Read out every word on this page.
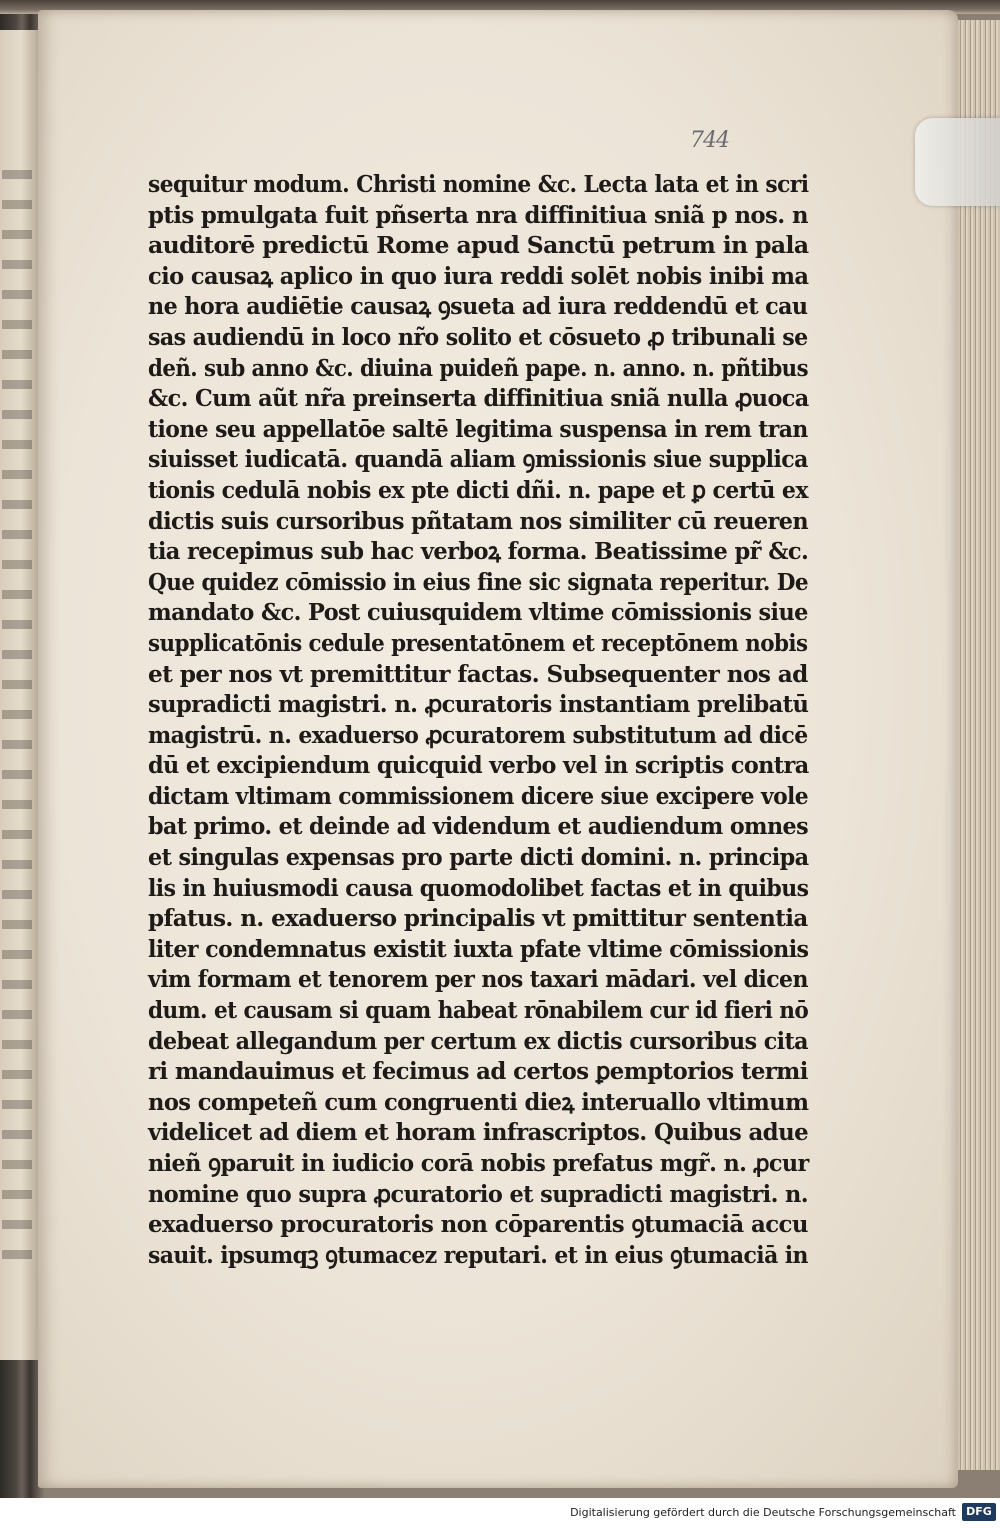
sequitur modum. Christi nomine &c. Lecta lata et in scri
ptis pmulgata fuit pñserta nra diffinitiua sniã p nos. n
auditorē predictū Rome apud Sanctū petrum in pala
cio causaꝝ aplico in quo iura reddi solēt nobis inibi ma
ne hora audiētie causaꝝ ꝯsueta ad iura reddendū et cau
sas audiendū in loco nr̃o solito et cōsueto ꝓ tribunali se
deñ. sub anno &c. diuina puideñ pape. n. anno. n. pñtibus
&c. Cum aũt nr̃a preinserta diffinitiua sniã nulla ꝓuoca
tione seu appellatōe saltē legitima suspensa in rem tran
siuisset iudicatā. quandā aliam ꝯmissionis siue supplica
tionis cedulā nobis ex pte dicti dñi. n. pape et ꝑ certū ex
dictis suis cursoribus pñtatam nos similiter cū reueren
tia recepimus sub hac verboꝝ forma. Beatissime pr̃ &c.
Que quidez cōmissio in eius fine sic signata reperitur. De
mandato &c. Post cuiusquidem vltime cōmissionis siue
supplicatōnis cedule presentatōnem et receptōnem nobis
et per nos vt premittitur factas. Subsequenter nos ad
supradicti magistri. n. ꝓcuratoris instantiam prelibatū
magistrū. n. exaduerso ꝓcuratorem substitutum ad dicē
dū et excipiendum quicquid verbo vel in scriptis contra
dictam vltimam commissionem dicere siue excipere vole
bat primo. et deinde ad videndum et audiendum omnes
et singulas expensas pro parte dicti domini. n. principa
lis in huiusmodi causa quomodolibet factas et in quibus
pfatus. n. exaduerso principalis vt pmittitur sententia
liter condemnatus existit iuxta pfate vltime cōmissionis
vim formam et tenorem per nos taxari mādari. vel dicen
dum. et causam si quam habeat rōnabilem cur id fieri nō
debeat allegandum per certum ex dictis cursoribus cita
ri mandauimus et fecimus ad certos ꝑemptorios termi
nos competeñ cum congruenti dieꝝ interuallo vltimum
videlicet ad diem et horam infrascriptos. Quibus adue
nieñ ꝯparuit in iudicio corā nobis prefatus mgr̃. n. ꝓcur
nomine quo supra ꝓcuratorio et supradicti magistri. n.
exaduerso procuratoris non cōparentis ꝯtumaciā accu
sauit. ipsumqꝫ ꝯtumacez reputari. et in eius ꝯtumaciā in
744
Digitalisierung gefördert durch die Deutsche Forschungsgemeinschaft DFG
